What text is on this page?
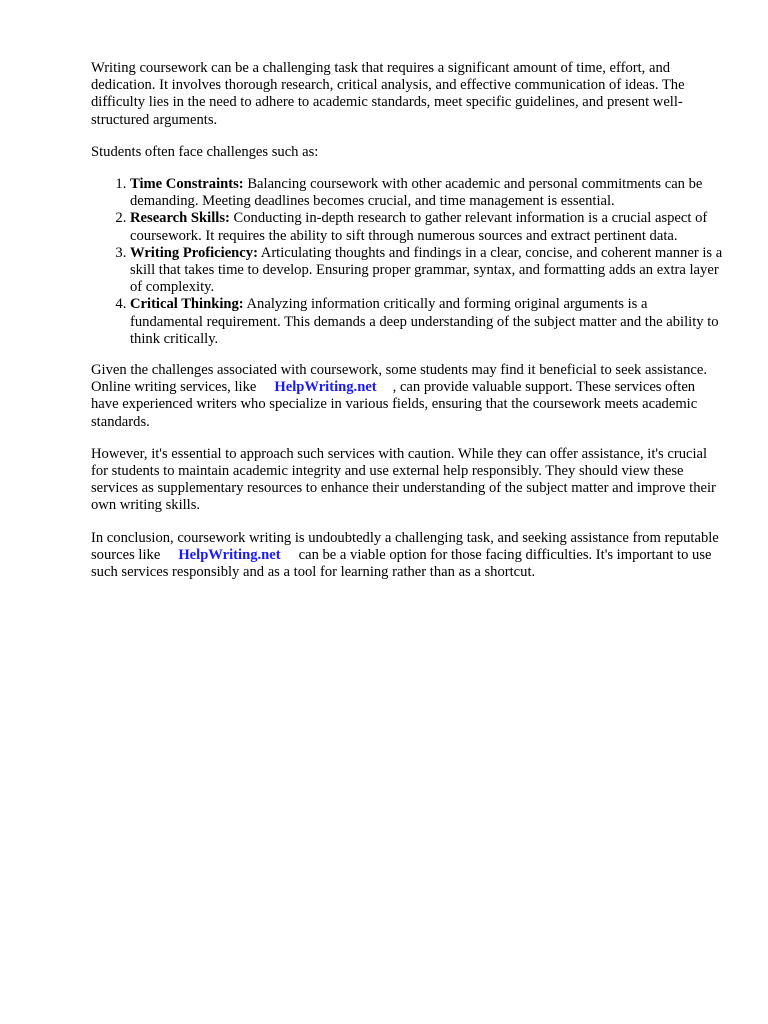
Writing coursework can be a challenging task that requires a significant amount of time, effort, and dedication. It involves thorough research, critical analysis, and effective communication of ideas. The difficulty lies in the need to adhere to academic standards, meet specific guidelines, and present well-structured arguments.

Students often face challenges such as:

1. Time Constraints: Balancing coursework with other academic and personal commitments can be demanding. Meeting deadlines becomes crucial, and time management is essential.
2. Research Skills: Conducting in-depth research to gather relevant information is a crucial aspect of coursework. It requires the ability to sift through numerous sources and extract pertinent data.
3. Writing Proficiency: Articulating thoughts and findings in a clear, concise, and coherent manner is a skill that takes time to develop. Ensuring proper grammar, syntax, and formatting adds an extra layer of complexity.
4. Critical Thinking: Analyzing information critically and forming original arguments is a fundamental requirement. This demands a deep understanding of the subject matter and the ability to think critically.

Given the challenges associated with coursework, some students may find it beneficial to seek assistance. Online writing services, like HelpWriting.net , can provide valuable support. These services often have experienced writers who specialize in various fields, ensuring that the coursework meets academic standards.

However, it's essential to approach such services with caution. While they can offer assistance, it's crucial for students to maintain academic integrity and use external help responsibly. They should view these services as supplementary resources to enhance their understanding of the subject matter and improve their own writing skills.

In conclusion, coursework writing is undoubtedly a challenging task, and seeking assistance from reputable sources like HelpWriting.net can be a viable option for those facing difficulties. It's important to use such services responsibly and as a tool for learning rather than as a shortcut.
